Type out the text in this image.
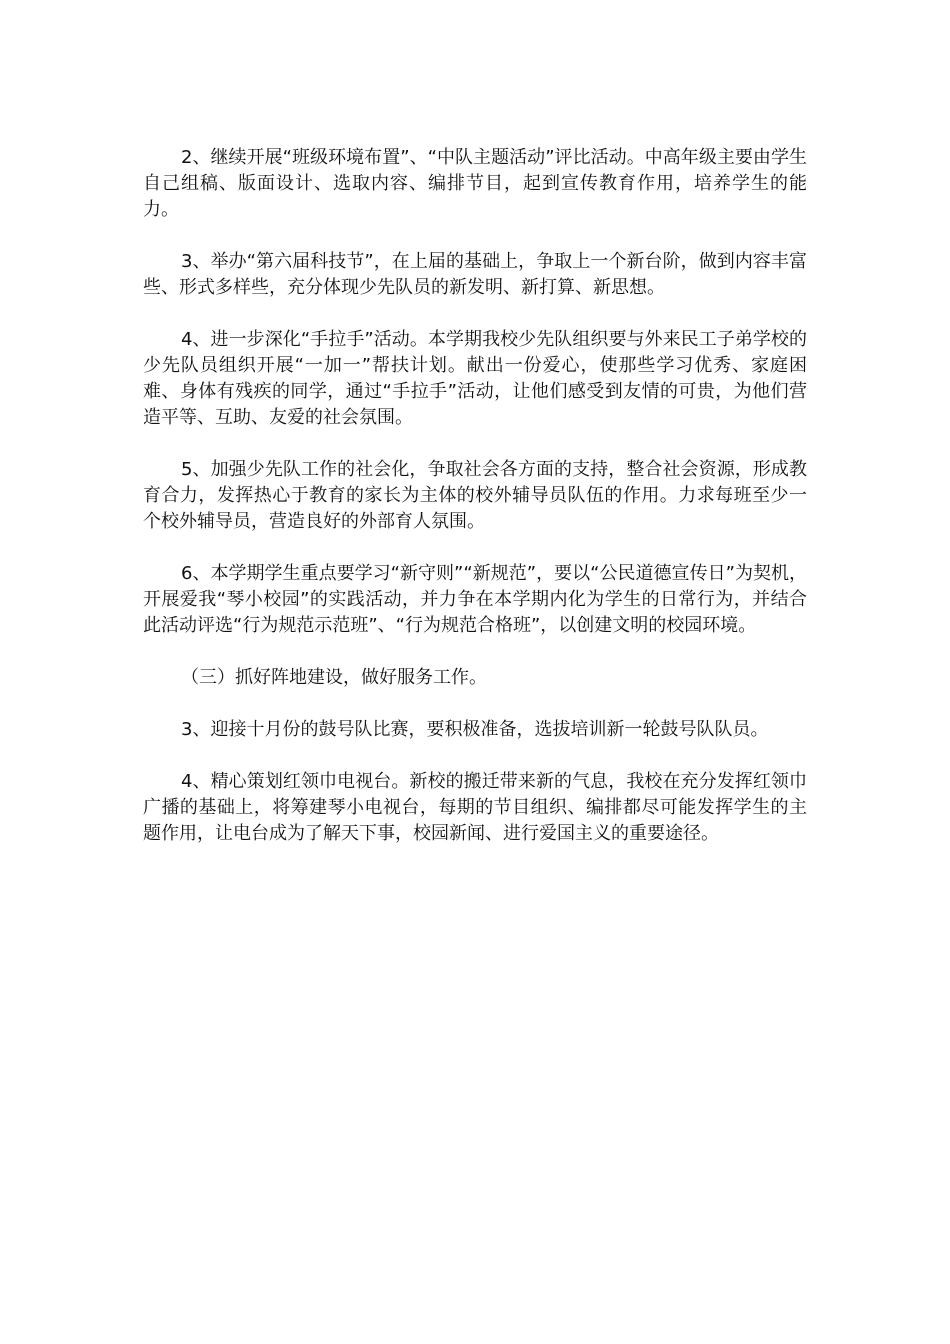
2、继续开展“班级环境布置”、“中队主题活动”评比活动。中高年级主要由学生自己组稿、版面设计、选取内容、编排节目，起到宣传教育作用，培养学生的能力。

3、举办“第六届科技节”，在上届的基础上，争取上一个新台阶，做到内容丰富些、形式多样些，充分体现少先队员的新发明、新打算、新思想。

4、进一步深化“手拉手”活动。本学期我校少先队组织要与外来民工子弟学校的少先队员组织开展“一加一”帮扶计划。献出一份爱心，使那些学习优秀、家庭困难、身体有残疾的同学，通过“手拉手”活动，让他们感受到友情的可贵，为他们营造平等、互助、友爱的社会氛围。

5、加强少先队工作的社会化，争取社会各方面的支持，整合社会资源，形成教育合力，发挥热心于教育的家长为主体的校外辅导员队伍的作用。力求每班至少一个校外辅导员，营造良好的外部育人氛围。

6、本学期学生重点要学习“新守则”“新规范”，要以“公民道德宣传日”为契机，开展爱我“琴小校园”的实践活动，并力争在本学期内化为学生的日常行为，并结合此活动评选“行为规范示范班”、“行为规范合格班”，以创建文明的校园环境。

（三）抓好阵地建设，做好服务工作。

3、迎接十月份的鼓号队比赛，要积极准备，选拔培训新一轮鼓号队队员。

4、精心策划红领巾电视台。新校的搬迁带来新的气息，我校在充分发挥红领巾广播的基础上，将筹建琴小电视台，每期的节目组织、编排都尽可能发挥学生的主题作用，让电台成为了解天下事，校园新闻、进行爱国主义的重要途径。
